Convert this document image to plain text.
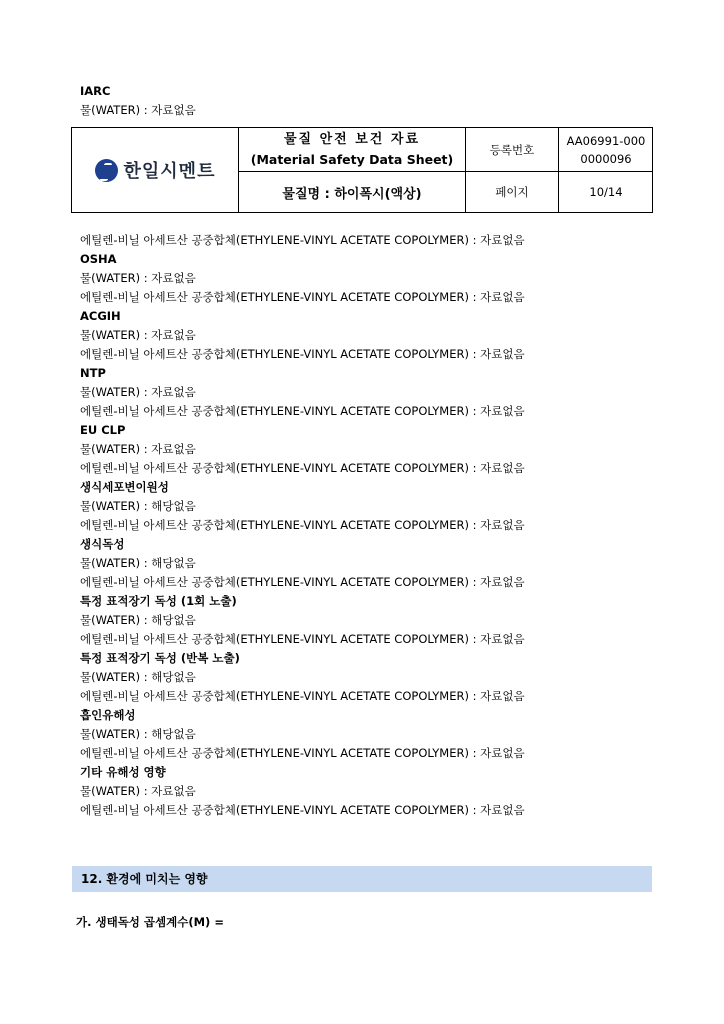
IARC
물(WATER) : 자료없음
한일시멘트
물질 안전 보건 자료
(Material Safety Data Sheet)
물질명 : 하이폭시(액상)
등록번호
AA06991-000
0000096
페이지	10/14
에틸렌-비닐 아세트산 공중합체(ETHYLENE-VINYL ACETATE COPOLYMER) : 자료없음
OSHA
물(WATER) : 자료없음
에틸렌-비닐 아세트산 공중합체(ETHYLENE-VINYL ACETATE COPOLYMER) : 자료없음
ACGIH
물(WATER) : 자료없음
에틸렌-비닐 아세트산 공중합체(ETHYLENE-VINYL ACETATE COPOLYMER) : 자료없음
NTP
물(WATER) : 자료없음
에틸렌-비닐 아세트산 공중합체(ETHYLENE-VINYL ACETATE COPOLYMER) : 자료없음
EU CLP
물(WATER) : 자료없음
에틸렌-비닐 아세트산 공중합체(ETHYLENE-VINYL ACETATE COPOLYMER) : 자료없음
생식세포변이원성
물(WATER) : 해당없음
에틸렌-비닐 아세트산 공중합체(ETHYLENE-VINYL ACETATE COPOLYMER) : 자료없음
생식독성
물(WATER) : 해당없음
에틸렌-비닐 아세트산 공중합체(ETHYLENE-VINYL ACETATE COPOLYMER) : 자료없음
특정 표적장기 독성 (1회 노출)
물(WATER) : 해당없음
에틸렌-비닐 아세트산 공중합체(ETHYLENE-VINYL ACETATE COPOLYMER) : 자료없음
특정 표적장기 독성 (반복 노출)
물(WATER) : 해당없음
에틸렌-비닐 아세트산 공중합체(ETHYLENE-VINYL ACETATE COPOLYMER) : 자료없음
흡인유해성
물(WATER) : 해당없음
에틸렌-비닐 아세트산 공중합체(ETHYLENE-VINYL ACETATE COPOLYMER) : 자료없음
기타 유해성 영향
물(WATER) : 자료없음
에틸렌-비닐 아세트산 공중합체(ETHYLENE-VINYL ACETATE COPOLYMER) : 자료없음
12. 환경에 미치는 영향
가. 생태독성 곱셈계수(M) =
